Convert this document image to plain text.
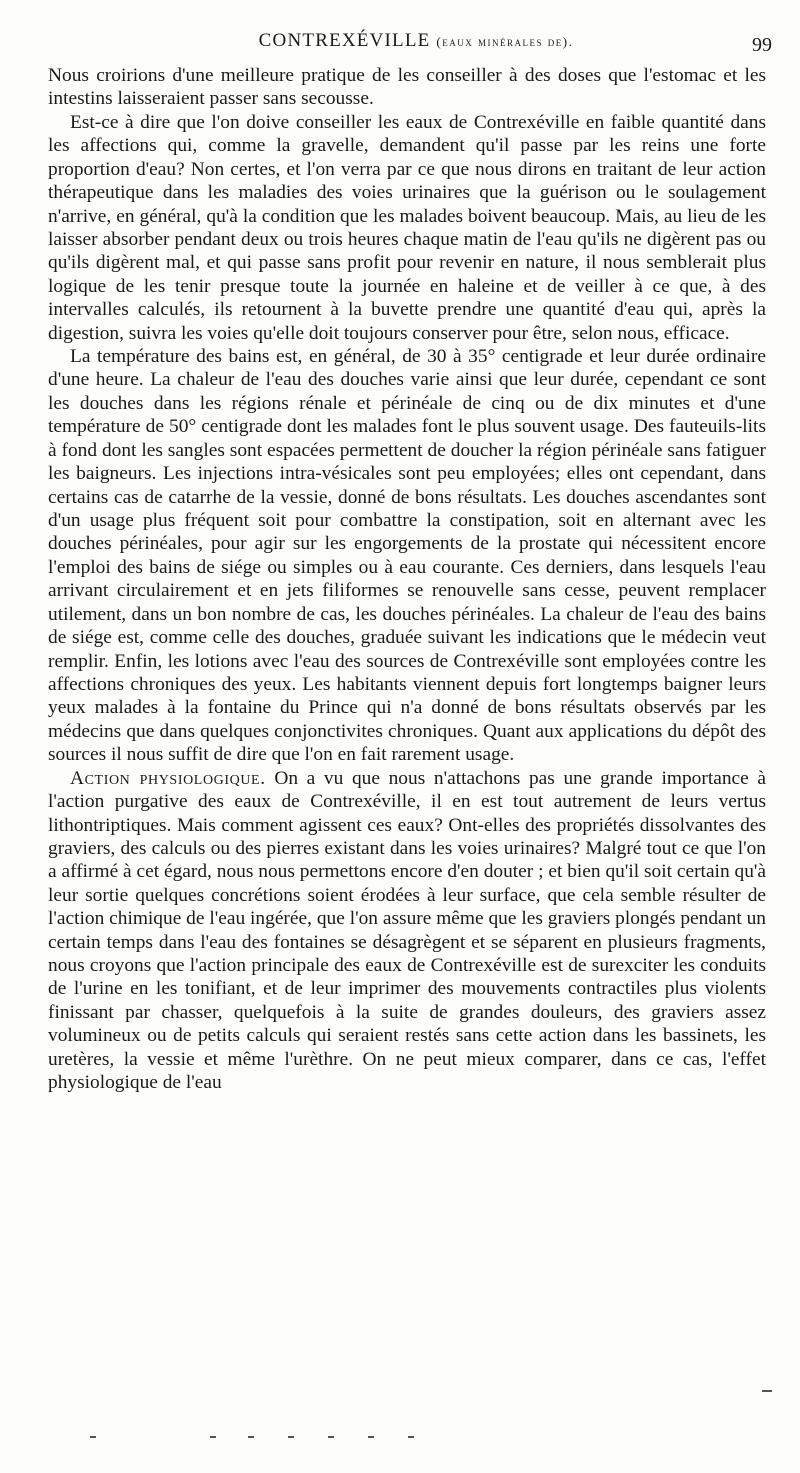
CONTREXÉVILLE (eaux minérales de).	99

Nous croirions d'une meilleure pratique de les conseiller à des doses que l'estomac et les intestins laisseraient passer sans secousse.

Est-ce à dire que l'on doive conseiller les eaux de Contrexéville en faible quantité dans les affections qui, comme la gravelle, demandent qu'il passe par les reins une forte proportion d'eau? Non certes, et l'on verra par ce que nous dirons en traitant de leur action thérapeutique dans les maladies des voies urinaires que la guérison ou le soulagement n'arrive, en général, qu'à la condition que les malades boivent beaucoup. Mais, au lieu de les laisser absorber pendant deux ou trois heures chaque matin de l'eau qu'ils ne digèrent pas ou qu'ils digèrent mal, et qui passe sans profit pour revenir en nature, il nous semblerait plus logique de les tenir presque toute la journée en haleine et de veiller à ce que, à des intervalles calculés, ils retournent à la buvette prendre une quantité d'eau qui, après la digestion, suivra les voies qu'elle doit toujours conserver pour être, selon nous, efficace.

La température des bains est, en général, de 30 à 35° centigrade et leur durée ordinaire d'une heure. La chaleur de l'eau des douches varie ainsi que leur durée, cependant ce sont les douches dans les régions rénale et périnéale de cinq ou de dix minutes et d'une température de 50° centigrade dont les malades font le plus souvent usage. Des fauteuils-lits à fond dont les sangles sont espacées permettent de doucher la région périnéale sans fatiguer les baigneurs. Les injections intra-vésicales sont peu employées; elles ont cependant, dans certains cas de catarrhe de la vessie, donné de bons résultats. Les douches ascendantes sont d'un usage plus fréquent soit pour combattre la constipation, soit en alternant avec les douches périnéales, pour agir sur les engorgements de la prostate qui nécessitent encore l'emploi des bains de siége ou simples ou à eau courante. Ces derniers, dans lesquels l'eau arrivant circulairement et en jets filiformes se renouvelle sans cesse, peuvent remplacer utilement, dans un bon nombre de cas, les douches périnéales. La chaleur de l'eau des bains de siége est, comme celle des douches, graduée suivant les indications que le médecin veut remplir. Enfin, les lotions avec l'eau des sources de Contrexéville sont employées contre les affections chroniques des yeux. Les habitants viennent depuis fort longtemps baigner leurs yeux malades à la fontaine du Prince qui n'a donné de bons résultats observés par les médecins que dans quelques conjonctivites chroniques. Quant aux applications du dépôt des sources il nous suffit de dire que l'on en fait rarement usage.

Action physiologique. On a vu que nous n'attachons pas une grande importance à l'action purgative des eaux de Contrexéville, il en est tout autrement de leurs vertus lithontriptiques. Mais comment agissent ces eaux? Ont-elles des propriétés dissolvantes des graviers, des calculs ou des pierres existant dans les voies urinaires? Malgré tout ce que l'on a affirmé à cet égard, nous nous permettons encore d'en douter ; et bien qu'il soit certain qu'à leur sortie quelques concrétions soient érodées à leur surface, que cela semble résulter de l'action chimique de l'eau ingérée, que l'on assure même que les graviers plongés pendant un certain temps dans l'eau des fontaines se désagrègent et se séparent en plusieurs fragments, nous croyons que l'action principale des eaux de Contrexéville est de surexciter les conduits de l'urine en les tonifiant, et de leur imprimer des mouvements contractiles plus violents finissant par chasser, quelquefois à la suite de grandes douleurs, des graviers assez volumineux ou de petits calculs qui seraient restés sans cette action dans les bassinets, les uretères, la vessie et même l'urèthre. On ne peut mieux comparer, dans ce cas, l'effet physiologique de l'eau
